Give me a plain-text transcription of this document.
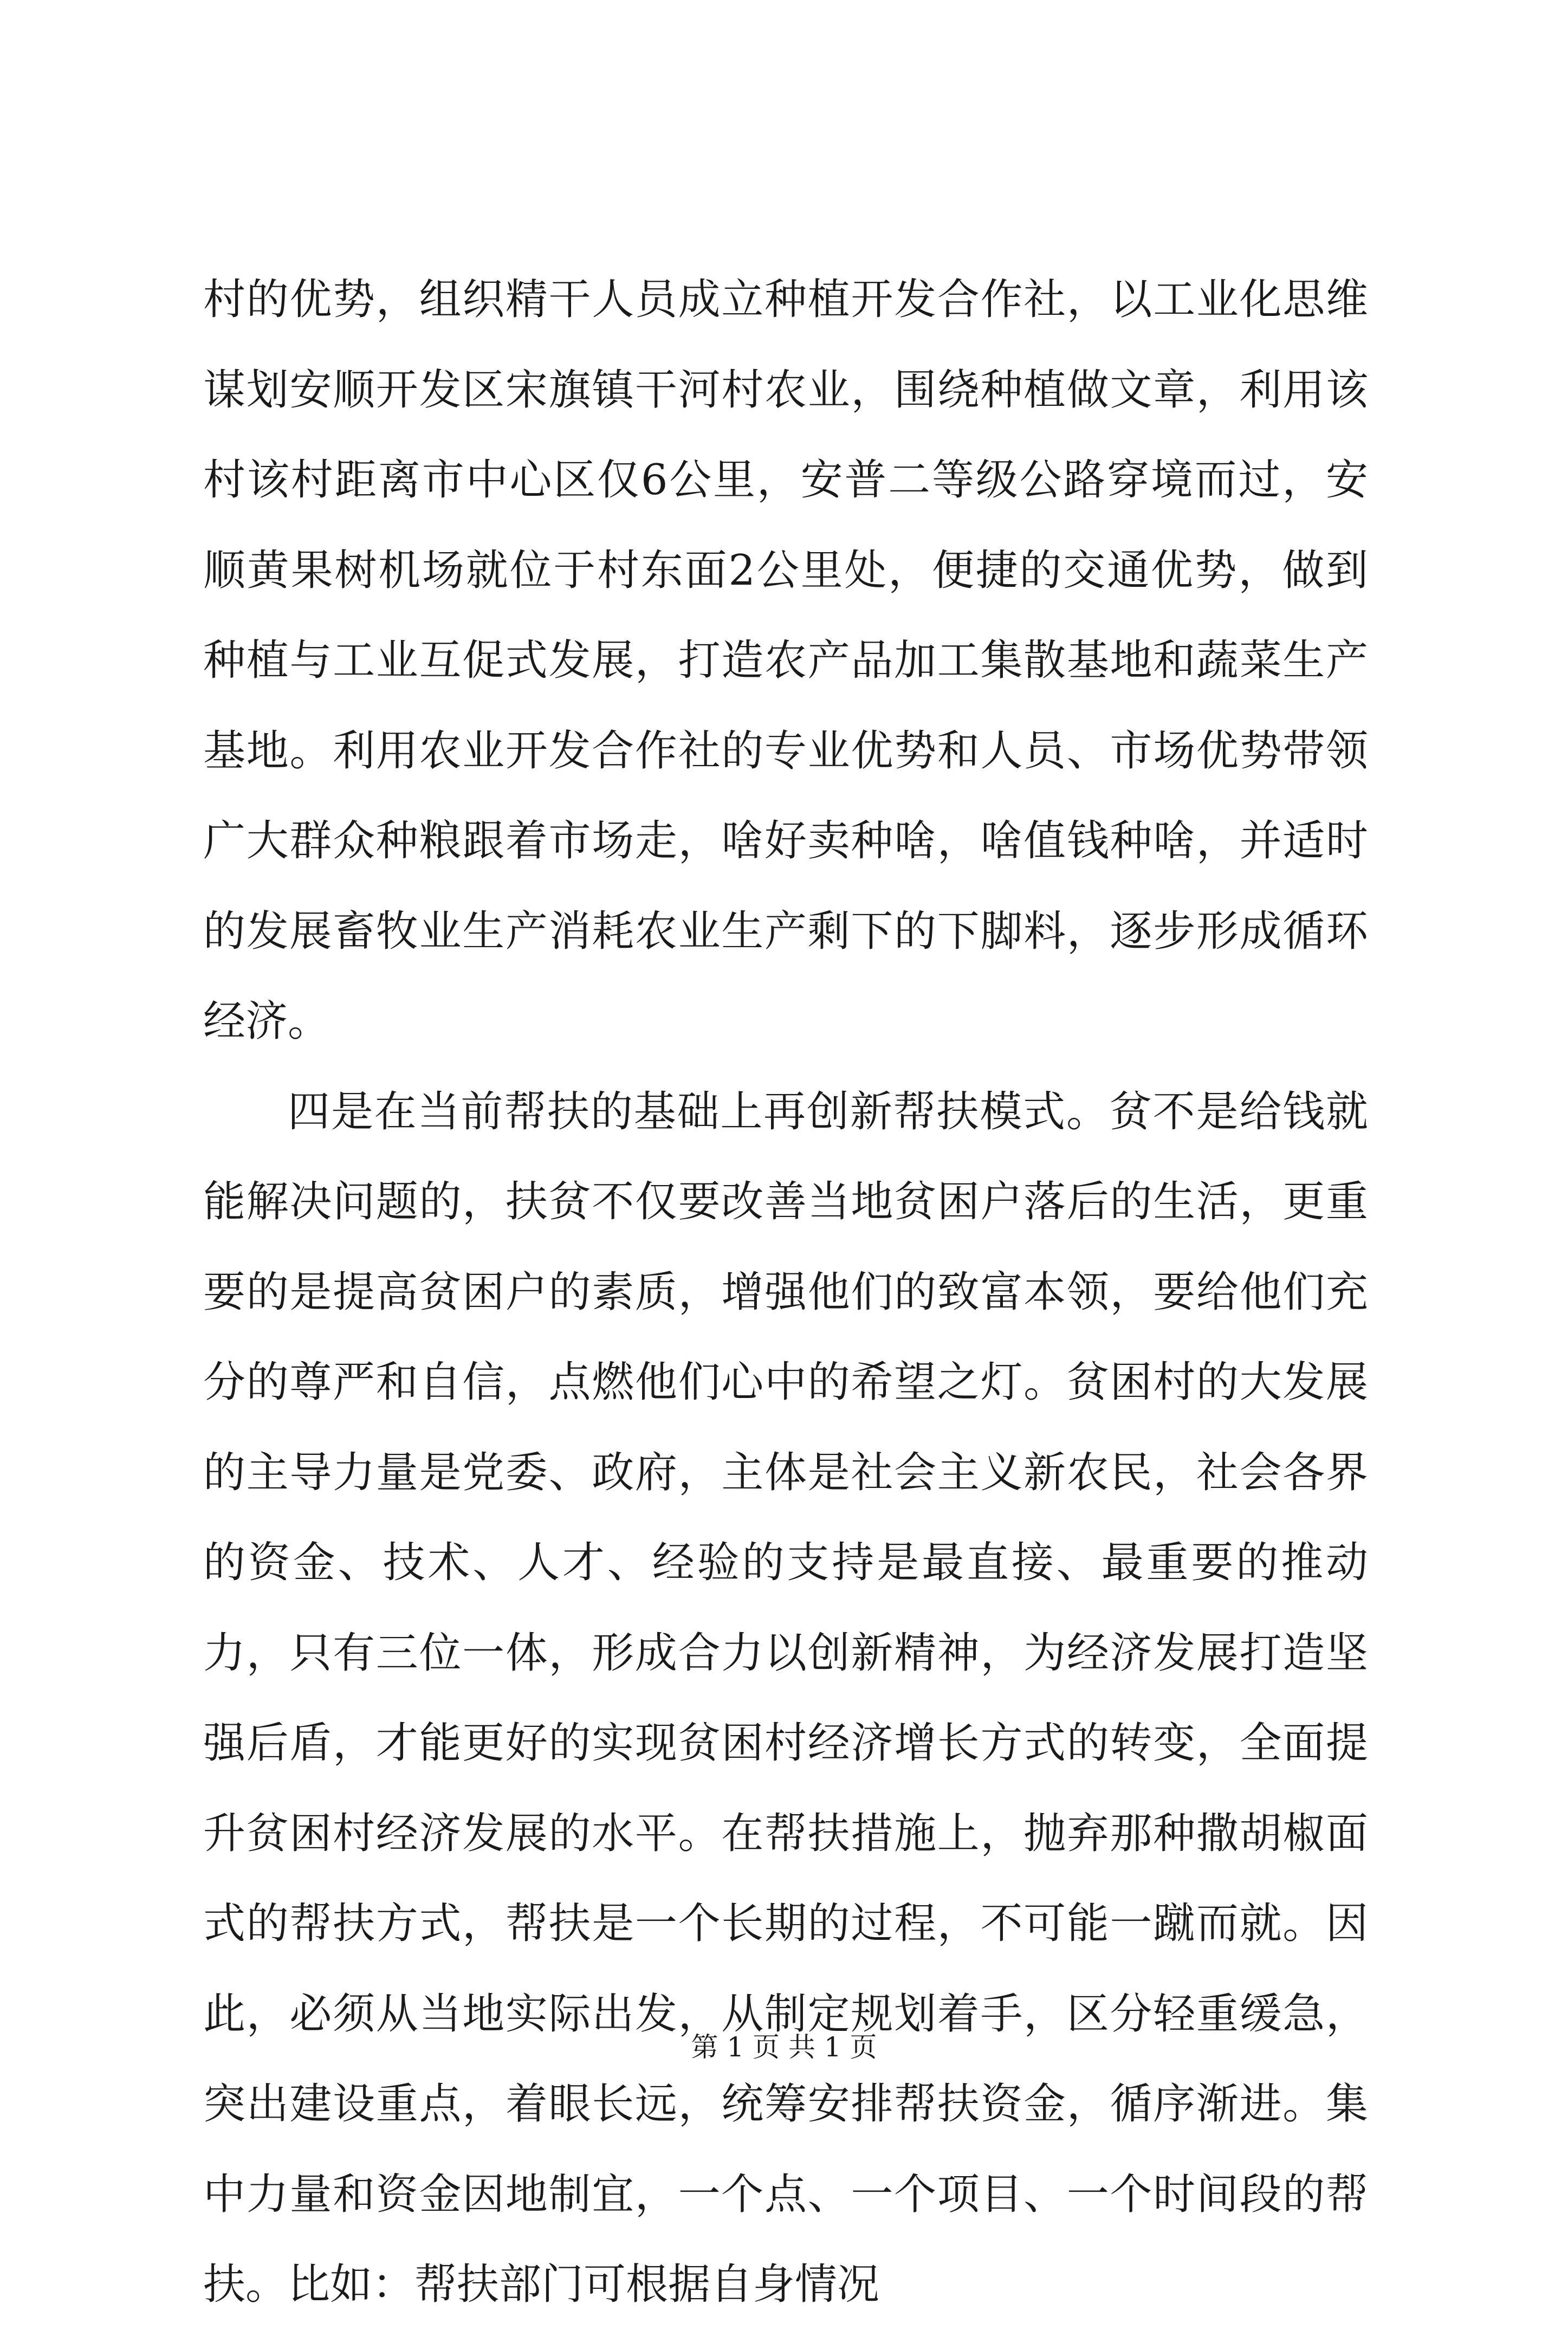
村的优势，组织精干人员成立种植开发合作社，以工业化思维谋划安顺开发区宋旗镇干河村农业，围绕种植做文章，利用该村该村距离市中心区仅6公里，安普二等级公路穿境而过，安顺黄果树机场就位于村东面2公里处，便捷的交通优势，做到种植与工业互促式发展，打造农产品加工集散基地和蔬菜生产基地。利用农业开发合作社的专业优势和人员、市场优势带领广大群众种粮跟着市场走，啥好卖种啥，啥值钱种啥，并适时的发展畜牧业生产消耗农业生产剩下的下脚料，逐步形成循环经济。

四是在当前帮扶的基础上再创新帮扶模式。贫不是给钱就能解决问题的，扶贫不仅要改善当地贫困户落后的生活，更重要的是提高贫困户的素质，增强他们的致富本领，要给他们充分的尊严和自信，点燃他们心中的希望之灯。贫困村的大发展的主导力量是党委、政府，主体是社会主义新农民，社会各界的资金、技术、人才、经验的支持是最直接、最重要的推动力，只有三位一体，形成合力以创新精神，为经济发展打造坚强后盾，才能更好的实现贫困村经济增长方式的转变，全面提升贫困村经济发展的水平。在帮扶措施上，抛弃那种撒胡椒面式的帮扶方式，帮扶是一个长期的过程，不可能一蹴而就。因此，必须从当地实际出发，从制定规划着手，区分轻重缓急，突出建设重点，着眼长远，统筹安排帮扶资金，循序渐进。集中力量和资金因地制宜，一个点、一个项目、一个时间段的帮扶。比如：帮扶部门可根据自身情况

第 1 页 共 1 页
